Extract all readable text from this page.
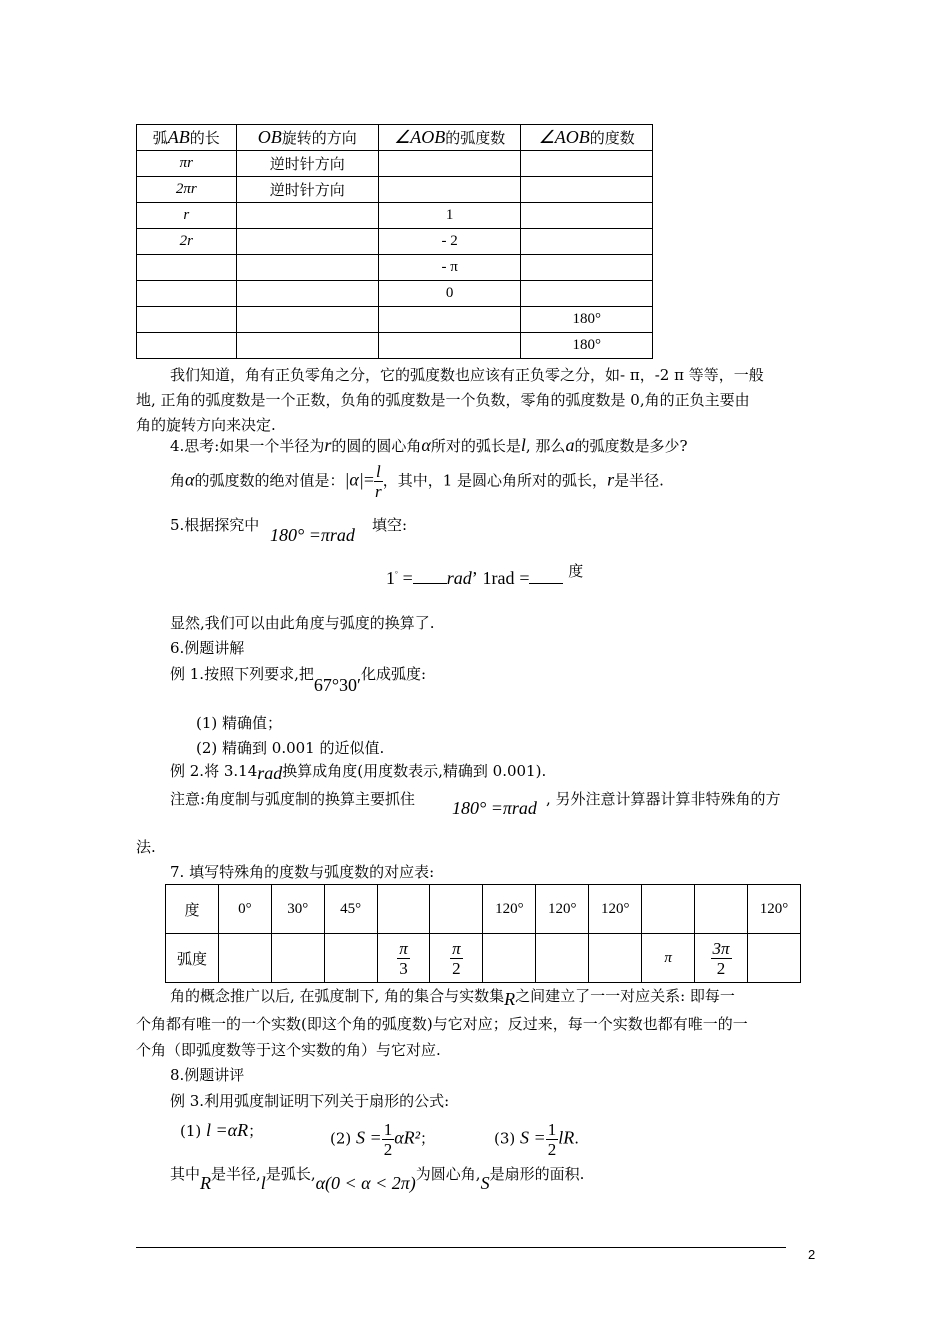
弧AB的长	OB旋转的方向	∠AOB的弧度数	∠AOB的度数
πr	逆时针方向		
2πr	逆时针方向		
r		1	
2r		- 2	
		- π	
		0	
			180°
			180°
我们知道，角有正负零角之分，它的弧度数也应该有正负零之分，如- π，-2 π 等等，一般
地, 正角的弧度数是一个正数，负角的弧度数是一个负数，零角的弧度数是 0,角的正负主要由
角的旋转方向来决定.
4.思考:如果一个半径为r的圆的圆心角α所对的弧长是l, 那么a的弧度数是多少?
角α的弧度数的绝对值是：$|\alpha|= \frac{l}{r}$ ，其中，1 是圆心角所对的弧长，r是半径.
5.根据探究中 180° =πrad 填空:
1° = rad’ 1rad =	度
显然,我们可以由此角度与弧度的换算了.
6.例题讲解
例 1.按照下列要求,把67°30′化成弧度:
(1) 精确值；
(2) 精确到 0.001 的近似值.
例 2.将 3.14rad换算成角度(用度数表示,精确到 0.001).
注意:角度制与弧度制的换算主要抓住 180° =πrad , 另外注意计算器计算非特殊角的方
法.
7. 填写特殊角的度数与弧度数的对应表:
度	0°	30°	45°			120°	120°	120°			120°
弧度				$\frac{\pi}{3}$	$\frac{\pi}{2}$				π	$\frac{3\pi}{2}$

角的概念推广以后, 在弧度制下, 角的集合与实数集R之间建立了一一对应关系: 即每一
个角都有唯一的一个实数(即这个角的弧度数)与它对应；反过来，每一个实数也都有唯一的一
个角（即弧度数等于这个实数的角）与它对应.
8.例题讲评
例 3.利用弧度制证明下列关于扇形的公式:
(1) l =αR；	(2) $S = \frac{1}{2} \alpha R^2$；	(3) $S = \frac{1}{2}$ lR.
其中R是半径,l是弧长,α(0 < α < 2π)为圆心角,S是扇形的面积.
2
